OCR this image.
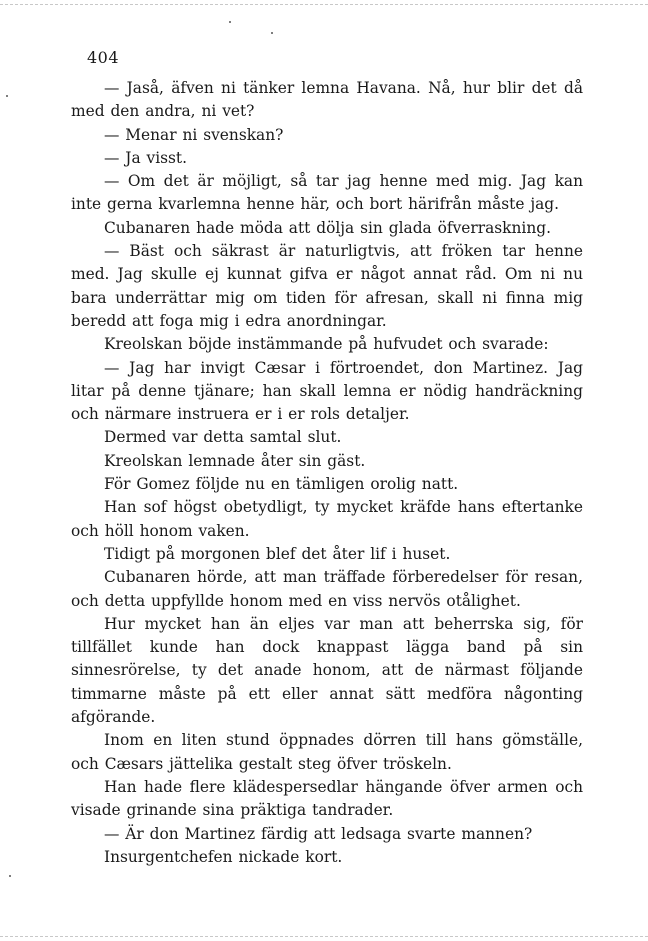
404

— Jaså, äfven ni tänker lemna Havana. Nå, hur blir det då med den andra, ni vet?

— Menar ni svenskan?

— Ja visst.

— Om det är möjligt, så tar jag henne med mig. Jag kan inte gerna kvarlemna henne här, och bort härifrån måste jag.

Cubanaren hade möda att dölja sin glada öfverraskning.

— Bäst och säkrast är naturligtvis, att fröken tar henne med. Jag skulle ej kunnat gifva er något annat råd. Om ni nu bara underrättar mig om tiden för afresan, skall ni finna mig beredd att foga mig i edra anordningar.

Kreolskan böjde instämmande på hufvudet och svarade:

— Jag har invigt Cæsar i förtroendet, don Martinez. Jag litar på denne tjänare; han skall lemna er nödig handräckning och närmare instruera er i er rols detaljer.

Dermed var detta samtal slut.

Kreolskan lemnade åter sin gäst.

För Gomez följde nu en tämligen orolig natt.

Han sof högst obetydligt, ty mycket kräfde hans eftertanke och höll honom vaken.

Tidigt på morgonen blef det åter lif i huset.

Cubanaren hörde, att man träffade förberedelser för resan, och detta uppfyllde honom med en viss nervös otålighet.

Hur mycket han än eljes var man att beherrska sig, för tillfället kunde han dock knappast lägga band på sin sinnesrörelse, ty det anade honom, att de närmast följande timmarne måste på ett eller annat sätt medföra någonting afgörande.

Inom en liten stund öppnades dörren till hans gömställe, och Cæsars jättelika gestalt steg öfver tröskeln.

Han hade flere klädespersedlar hängande öfver armen och visade grinande sina präktiga tandrader.

— Är don Martinez färdig att ledsaga svarte mannen?

Insurgentchefen nickade kort.
